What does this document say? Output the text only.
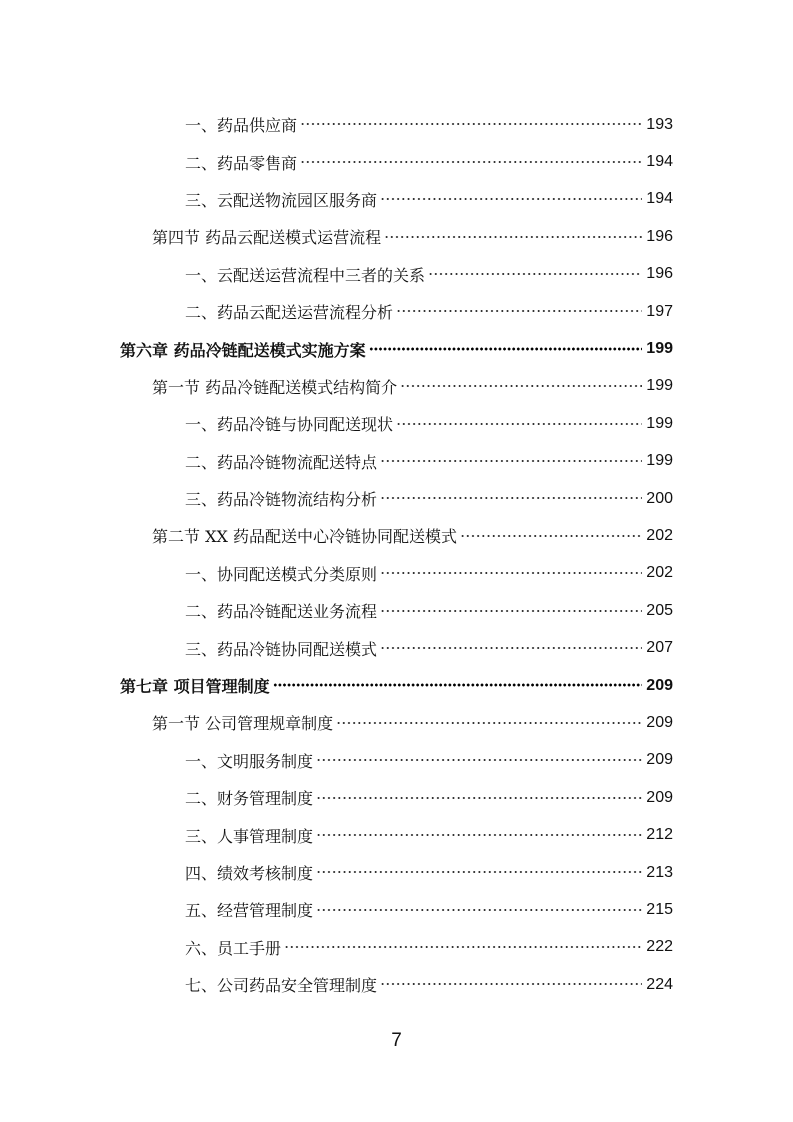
一、药品供应商	193
二、药品零售商	194
三、云配送物流园区服务商	194
第四节 药品云配送模式运营流程	196
一、云配送运营流程中三者的关系	196
二、药品云配送运营流程分析	197
第六章 药品冷链配送模式实施方案	199
第一节 药品冷链配送模式结构简介	199
一、药品冷链与协同配送现状	199
二、药品冷链物流配送特点	199
三、药品冷链物流结构分析	200
第二节 XX 药品配送中心冷链协同配送模式	202
一、协同配送模式分类原则	202
二、药品冷链配送业务流程	205
三、药品冷链协同配送模式	207
第七章 项目管理制度	209
第一节 公司管理规章制度	209
一、文明服务制度	209
二、财务管理制度	209
三、人事管理制度	212
四、绩效考核制度	213
五、经营管理制度	215
六、员工手册	222
七、公司药品安全管理制度	224
7
